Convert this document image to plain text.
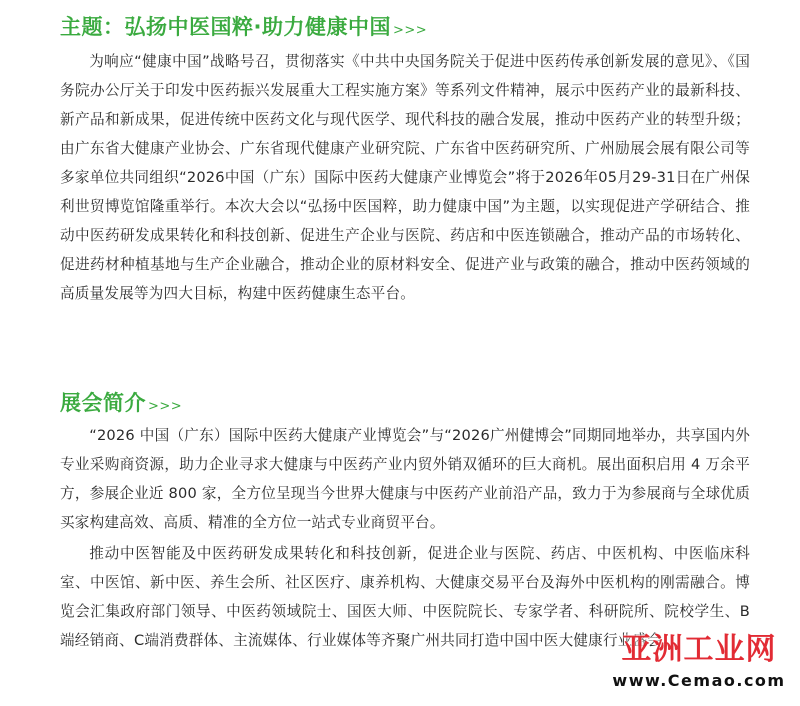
主题：弘扬中医国粹·助力健康中国 >>>

为响应“健康中国”战略号召，贯彻落实《中共中央国务院关于促进中医药传承创新发展的意见》、《国务院办公厅关于印发中医药振兴发展重大工程实施方案》等系列文件精神，展示中医药产业的最新科技、新产品和新成果，促进传统中医药文化与现代医学、现代科技的融合发展，推动中医药产业的转型升级；由广东省大健康产业协会、广东省现代健康产业研究院、广东省中医药研究所、广州励展会展有限公司等多家单位共同组织“2026中国（广东）国际中医药大健康产业博览会”将于2026年05月29-31日在广州保利世贸博览馆隆重举行。本次大会以“弘扬中医国粹，助力健康中国”为主题，以实现促进产学研结合、推动中医药研发成果转化和科技创新、促进生产企业与医院、药店和中医连锁融合，推动产品的市场转化、促进药材种植基地与生产企业融合，推动企业的原材料安全、促进产业与政策的融合，推动中医药领域的高质量发展等为四大目标，构建中医药健康生态平台。

展会简介 >>>

“2026 中国（广东）国际中医药大健康产业博览会”与“2026广州健博会”同期同地举办，共享国内外专业采购商资源，助力企业寻求大健康与中医药产业内贸外销双循环的巨大商机。展出面积启用 4 万余平方，参展企业近 800 家，全方位呈现当今世界大健康与中医药产业前沿产品，致力于为参展商与全球优质买家构建高效、高质、精准的全方位一站式专业商贸平台。

推动中医智能及中医药研发成果转化和科技创新，促进企业与医院、药店、中医机构、中医临床科室、中医馆、新中医、养生会所、社区医疗、康养机构、大健康交易平台及海外中医机构的刚需融合。博览会汇集政府部门领导、中医药领域院士、国医大师、中医院院长、专家学者、科研院所、院校学生、B端经销商、C端消费群体、主流媒体、行业媒体等齐聚广州共同打造中国中医大健康行业盛会。

亚洲工业网
www.Cemao.com
